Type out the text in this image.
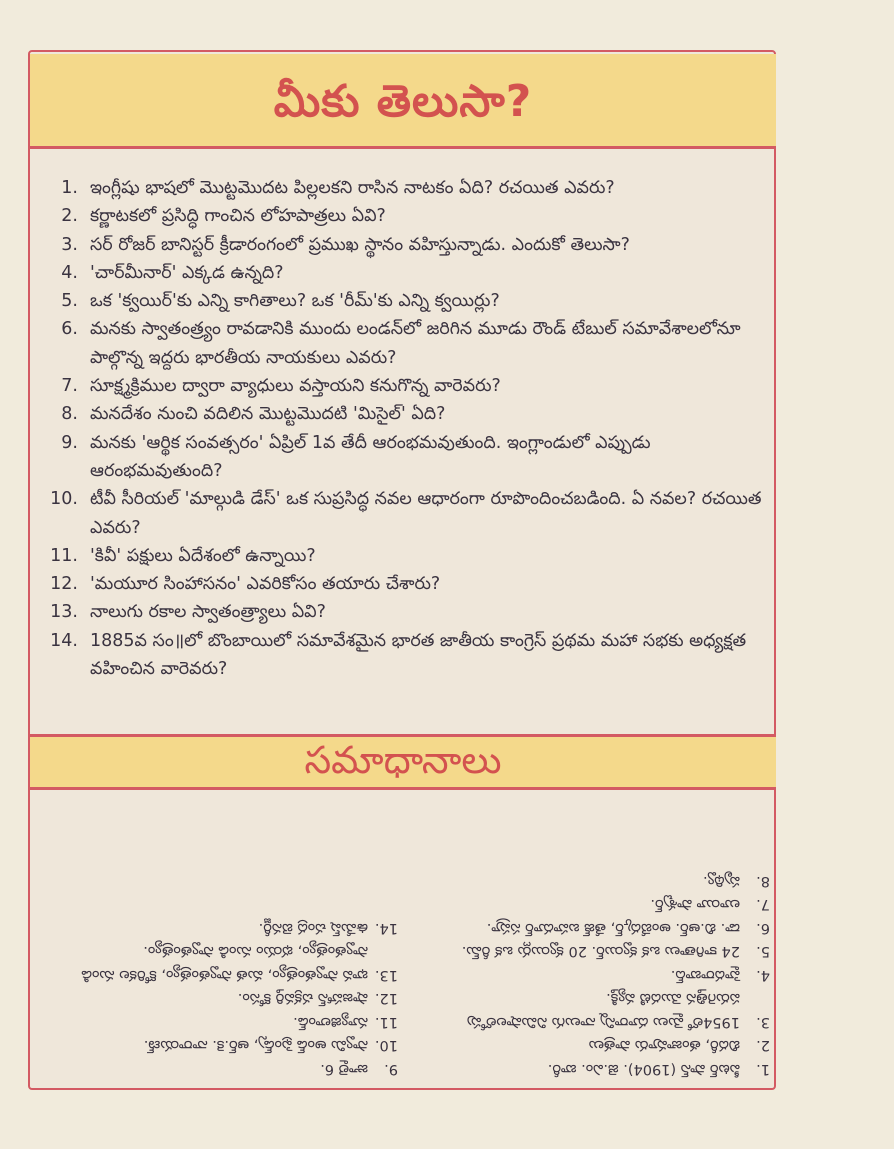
మీకు తెలుసా?
1. ఇంగ్లీషు భాషలో మొట్టమొదట పిల్లలకని రాసిన నాటకం ఏది? రచయిత ఎవరు?
2. కర్ణాటకలో ప్రసిద్ధి గాంచిన లోహపాత్రలు ఏవి?
3. సర్ రోజర్ బానిస్టర్ క్రీడారంగంలో ప్రముఖ స్థానం వహిస్తున్నాడు. ఎందుకో తెలుసా?
4. 'చార్‌మీనార్' ఎక్కడ ఉన్నది?
5. ఒక 'క్వయిర్'కు ఎన్ని కాగితాలు? ఒక 'రీమ్'కు ఎన్ని క్వయిర్లు?
6. మనకు స్వాతంత్ర్యం రావడానికి ముందు లండన్‌లో జరిగిన మూడు రౌండ్ టేబుల్ సమావేశాలలోనూ పాల్గొన్న ఇద్దరు భారతీయ నాయకులు ఎవరు?
7. సూక్ష్మక్రిముల ద్వారా వ్యాధులు వస్తాయని కనుగొన్న వారెవరు?
8. మనదేశం నుంచి వదిలిన మొట్టమొదటి 'మిసైల్' ఏది?
9. మనకు 'ఆర్థిక సంవత్సరం' ఏప్రిల్ 1వ తేదీ ఆరంభమవుతుంది. ఇంగ్లాండులో ఎప్పుడు ఆరంభమవుతుంది?
10. టీవీ సీరియల్ 'మాల్గుడి డేస్' ఒక సుప్రసిద్ధ నవల ఆధారంగా రూపొందించబడింది. ఏ నవల? రచయిత ఎవరు?
11. 'కివీ' పక్షులు ఏదేశంలో ఉన్నాయి?
12. 'మయూర సింహాసనం' ఎవరికోసం తయారు చేశారు?
13. నాలుగు రకాల స్వాతంత్ర్యాలు ఏవి?
14. 1885వ సం॥లో బొంబాయిలో సమావేశమైన భారత జాతీయ కాంగ్రెస్ ప్రథమ మహా సభకు అధ్యక్షత వహించిన వారెవరు?
సమాధానాలు
1.
పీటర్ పాన్ (1904). జె.ఎం. బారీ.
2.
బిదరీ, తంజావూరు పాత్రలు
3.
1954లో మైలు దూరాన్ని నాలుగు నిమిషాలలోపు పరుగెత్తిన మొదటి వ్యక్తి.
4.
హైదరాబాద్.
5.
24 కాగితాలు ఒక క్వయిర్. 20 క్వయిర్లు ఒక రీమ్.
6.
డా. బి.ఆర్. అంబేద్కర్, తేజ్ బహదూర్ సప్రూ.
7.
లూయీ పాశ్చర్.
8.
పృథ్వి.
9.
జూలై 6.
10.
స్వామి అండ్ ఫ్రెండ్స్, ఆర్.కె. నారాయణ్.
11.
న్యూజిలాండ్.
12.
షాజహాన్ చక్రవర్తి కోసం.
13.
భావ స్వాతంత్ర్యం, మత స్వాతంత్ర్యం, కోరికల నుండి స్వాతంత్ర్యం, భయం నుండి స్వాతంత్ర్యం.
14.
ఉమేష్ చంద్ర బెనర్జీ.
